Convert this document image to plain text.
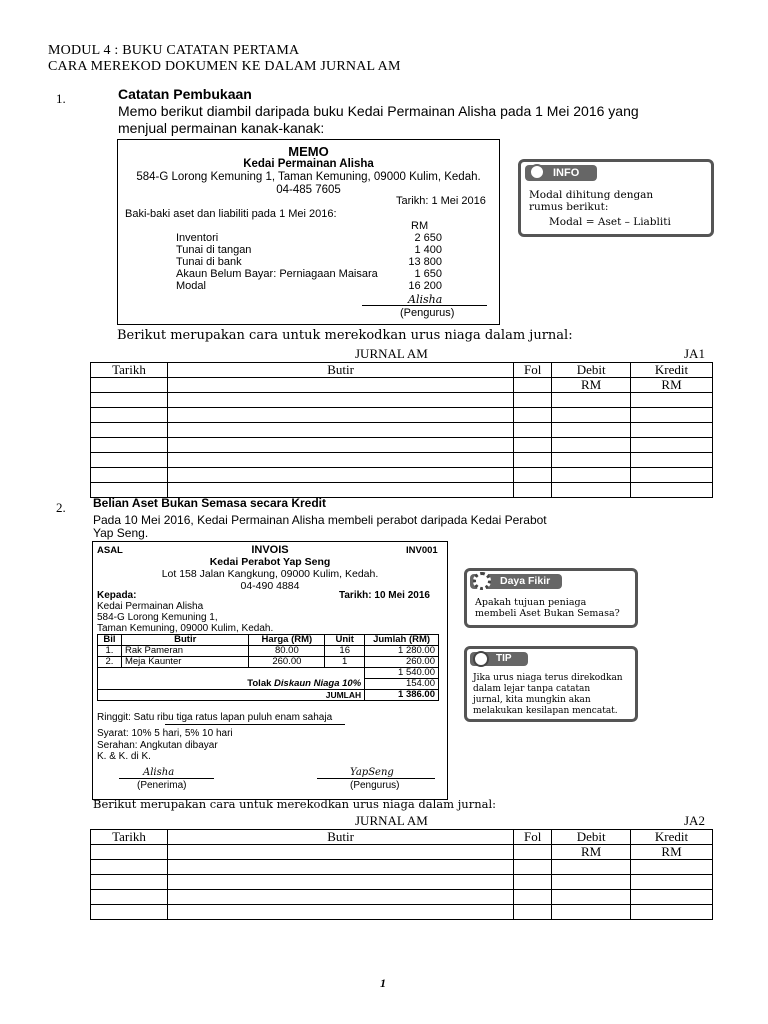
MODUL 4 : BUKU CATATAN PERTAMA
CARA MEREKOD DOKUMEN KE DALAM JURNAL AM
1.	Catatan Pembukaan
Memo berikut diambil daripada buku Kedai Permainan Alisha pada 1 Mei 2016 yang
menjual permainan kanak-kanak:
MEMO
Kedai Permainan Alisha
584-G Lorong Kemuning 1, Taman Kemuning, 09000 Kulim, Kedah.
04-485 7605
Tarikh: 1 Mei 2016
Baki-baki aset dan liabiliti pada 1 Mei 2016:
RM
Inventori	2 650
Tunai di tangan	1 400
Tunai di bank	13 800
Akaun Belum Bayar: Perniagaan Maisara	1 650
Modal	16 200
Alisha
(Pengurus)
INFO
Modal dihitung dengan
rumus berikut:
Modal = Aset – Liabliti
Berikut merupakan cara untuk merekodkan urus niaga dalam jurnal:
JURNAL AM	JA1
Tarikh	Butir	Fol	Debit	Kredit
			RM	RM

2. Belian Aset Bukan Semasa secara Kredit
Pada 10 Mei 2016, Kedai Permainan Alisha membeli perabot daripada Kedai Perabot
Yap Seng.
ASAL	INVOIS	INV001
Kedai Perabot Yap Seng
Lot 158 Jalan Kangkung, 09000 Kulim, Kedah.
04-490 4884
Kepada:	Tarikh: 10 Mei 2016
Kedai Permainan Alisha
584-G Lorong Kemuning 1,
Taman Kemuning, 09000 Kulim, Kedah.
Bil	Butir	Harga (RM)	Unit	Jumlah (RM)
1.	Rak Pameran	80.00	16	1 280.00
2.	Meja Kaunter	260.00	1	260.00
				1 540.00
Tolak Diskaun Niaga 10%				154.00
JUMLAH				1 386.00
Ringgit: Satu ribu tiga ratus lapan puluh enam sahaja
Syarat: 10% 5 hari, 5% 10 hari
Serahan: Angkutan dibayar
K. & K. di K.
Alisha
(Penerima)
YapSeng
(Pengurus)
Daya Fikir
Apakah tujuan peniaga
membeli Aset Bukan Semasa?
TIP
Jika urus niaga terus direkodkan
dalam lejar tanpa catatan
jurnal, kita mungkin akan
melakukan kesilapan mencatat.
Berikut merupakan cara untuk merekodkan urus niaga dalam jurnal:
JURNAL AM	JA2
Tarikh	Butir	Fol	Debit	Kredit
			RM	RM

1
